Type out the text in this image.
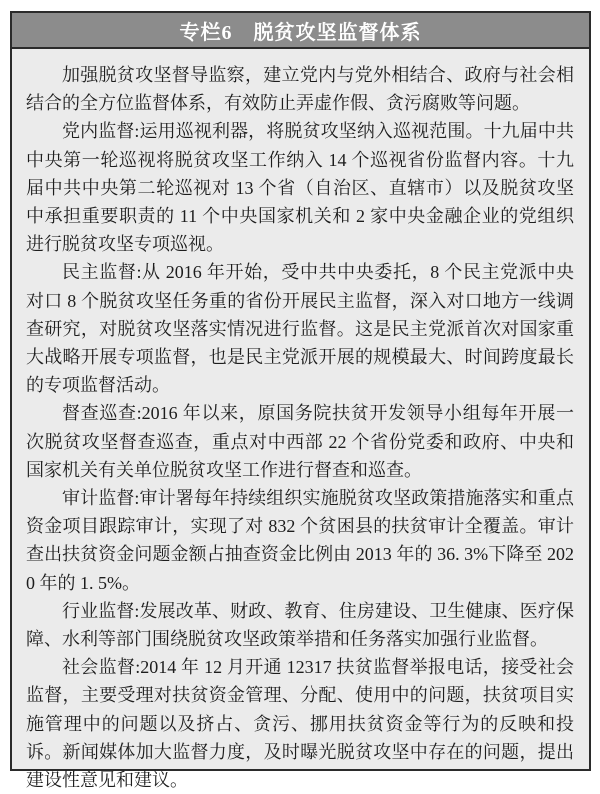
专栏6　脱贫攻坚监督体系

加强脱贫攻坚督导监察，建立党内与党外相结合、政府与社会相结合的全方位监督体系，有效防止弄虚作假、贪污腐败等问题。

党内监督:运用巡视利器，将脱贫攻坚纳入巡视范围。十九届中共中央第一轮巡视将脱贫攻坚工作纳入 14 个巡视省份监督内容。十九届中共中央第二轮巡视对 13 个省（自治区、直辖市）以及脱贫攻坚中承担重要职责的 11 个中央国家机关和 2 家中央金融企业的党组织进行脱贫攻坚专项巡视。

民主监督:从 2016 年开始，受中共中央委托，8 个民主党派中央对口 8 个脱贫攻坚任务重的省份开展民主监督，深入对口地方一线调查研究，对脱贫攻坚落实情况进行监督。这是民主党派首次对国家重大战略开展专项监督，也是民主党派开展的规模最大、时间跨度最长的专项监督活动。

督查巡查:2016 年以来，原国务院扶贫开发领导小组每年开展一次脱贫攻坚督查巡查，重点对中西部 22 个省份党委和政府、中央和国家机关有关单位脱贫攻坚工作进行督查和巡查。

审计监督:审计署每年持续组织实施脱贫攻坚政策措施落实和重点资金项目跟踪审计，实现了对 832 个贫困县的扶贫审计全覆盖。审计查出扶贫资金问题金额占抽查资金比例由 2013 年的 36. 3%下降至 2020 年的 1. 5%。

行业监督:发展改革、财政、教育、住房建设、卫生健康、医疗保障、水利等部门围绕脱贫攻坚政策举措和任务落实加强行业监督。

社会监督:2014 年 12 月开通 12317 扶贫监督举报电话，接受社会监督，主要受理对扶贫资金管理、分配、使用中的问题，扶贫项目实施管理中的问题以及挤占、贪污、挪用扶贫资金等行为的反映和投诉。新闻媒体加大监督力度，及时曝光脱贫攻坚中存在的问题，提出建设性意见和建议。
